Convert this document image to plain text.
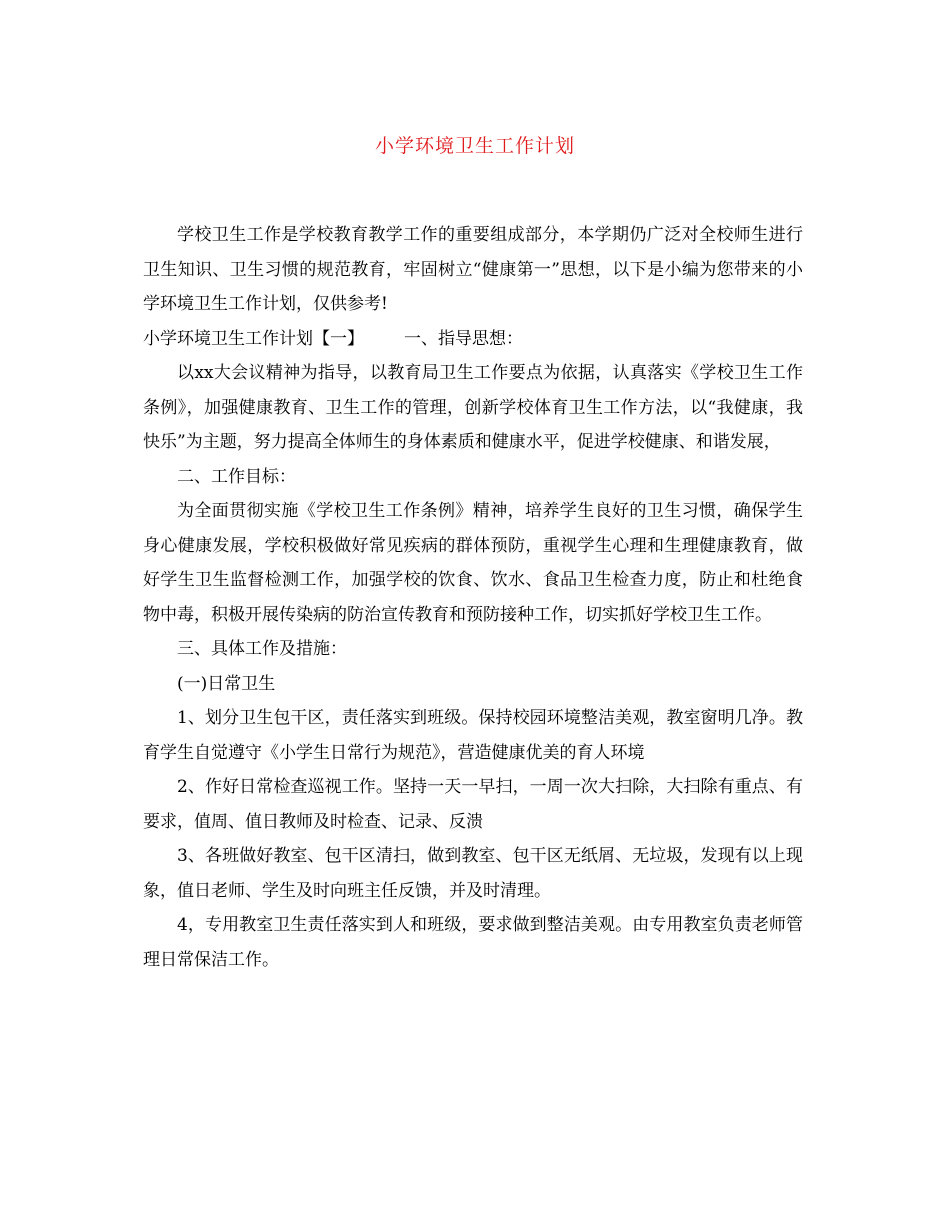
小学环境卫生工作计划

学校卫生工作是学校教育教学工作的重要组成部分，本学期仍广泛对全校师生进行卫生知识、卫生习惯的规范教育，牢固树立“健康第一”思想，以下是小编为您带来的小学环境卫生工作计划，仅供参考!

小学环境卫生工作计划【一】 一、指导思想：

以xx大会议精神为指导，以教育局卫生工作要点为依据，认真落实《学校卫生工作条例》，加强健康教育、卫生工作的管理，创新学校体育卫生工作方法，以“我健康，我快乐”为主题，努力提高全体师生的身体素质和健康水平，促进学校健康、和谐发展，

二、工作目标：

为全面贯彻实施《学校卫生工作条例》精神，培养学生良好的卫生习惯，确保学生身心健康发展，学校积极做好常见疾病的群体预防，重视学生心理和生理健康教育，做好学生卫生监督检测工作，加强学校的饮食、饮水、食品卫生检查力度，防止和杜绝食物中毒，积极开展传染病的防治宣传教育和预防接种工作，切实抓好学校卫生工作。

三、具体工作及措施：

(一)日常卫生

1、划分卫生包干区，责任落实到班级。保持校园环境整洁美观，教室窗明几净。教育学生自觉遵守《小学生日常行为规范》，营造健康优美的育人环境

2、作好日常检查巡视工作。坚持一天一早扫，一周一次大扫除，大扫除有重点、有要求，值周、值日教师及时检查、记录、反溃

3、各班做好教室、包干区清扫，做到教室、包干区无纸屑、无垃圾，发现有以上现象，值日老师、学生及时向班主任反馈，并及时清理。

4，专用教室卫生责任落实到人和班级，要求做到整洁美观。由专用教室负责老师管理日常保洁工作。
